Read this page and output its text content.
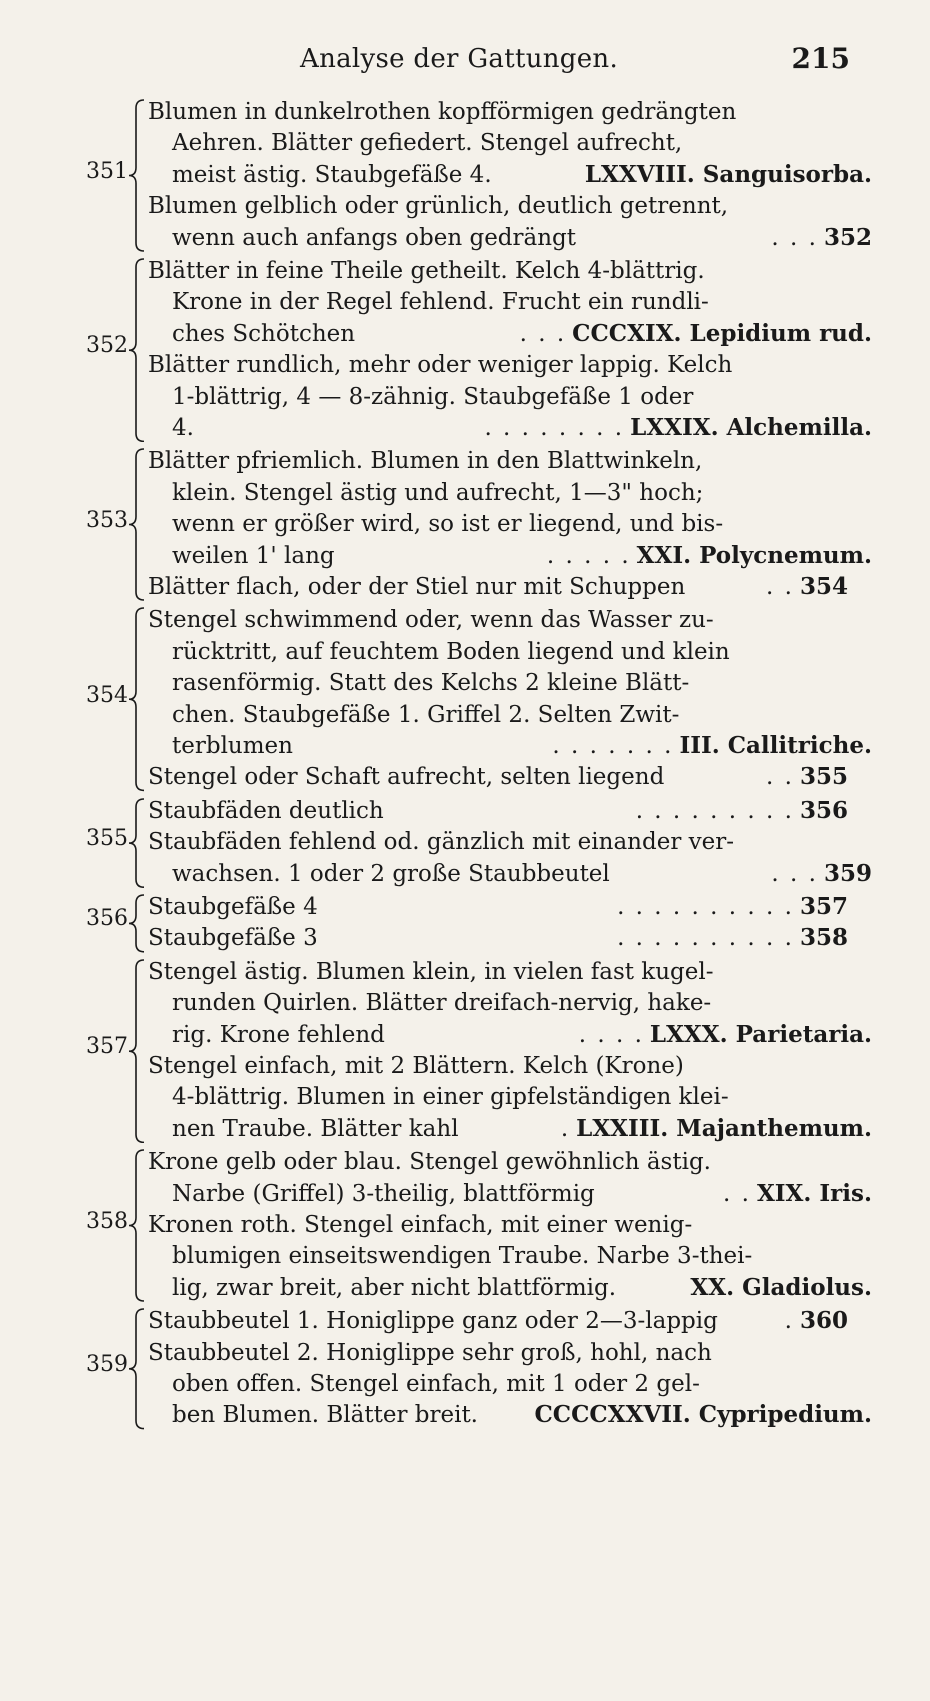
Analyse der Gattungen.	215
351
Blumen in dunkelrothen kopfförmigen gedrängten
Aehren. Blätter gefiedert. Stengel aufrecht,
LXXVIII. Sanguisorba.
meist ästig. Staubgefäße 4.
Blumen gelblich oder grünlich, deutlich getrennt,
. . . 352
wenn auch anfangs oben gedrängt
352
Blätter in feine Theile getheilt. Kelch 4-blättrig.
Krone in der Regel fehlend. Frucht ein rundli-
. . . CCCXIX. Lepidium rud.
ches Schötchen
Blätter rundlich, mehr oder weniger lappig. Kelch
1-blättrig, 4 — 8-zähnig. Staubgefäße 1 oder
. . . . . . . . LXXIX. Alchemilla.
4.
353
Blätter pfriemlich. Blumen in den Blattwinkeln,
klein. Stengel ästig und aufrecht, 1—3" hoch;
wenn er größer wird, so ist er liegend, und bis-
. . . . . XXI. Polycnemum.
weilen 1' lang
. . 354
Blätter flach, oder der Stiel nur mit Schuppen
354
Stengel schwimmend oder, wenn das Wasser zu-
rücktritt, auf feuchtem Boden liegend und klein
rasenförmig. Statt des Kelchs 2 kleine Blätt-
chen. Staubgefäße 1. Griffel 2. Selten Zwit-
. . . . . . . III. Callitriche.
terblumen
. . 355
Stengel oder Schaft aufrecht, selten liegend
355
. . . . . . . . . 356
Staubfäden deutlich
Staubfäden fehlend od. gänzlich mit einander ver-
. . . 359
wachsen. 1 oder 2 große Staubbeutel
356	. . . . . . . . . . 357
Staubgefäße 4
. . . . . . . . . . 358
Staubgefäße 3
357
Stengel ästig. Blumen klein, in vielen fast kugel-
runden Quirlen. Blätter dreifach-nervig, hake-
. . . . LXXX. Parietaria.
rig. Krone fehlend
Stengel einfach, mit 2 Blättern. Kelch (Krone)
4-blättrig. Blumen in einer gipfelständigen klei-
. LXXIII. Majanthemum.
nen Traube. Blätter kahl
358
Krone gelb oder blau. Stengel gewöhnlich ästig.
. . XIX. Iris.
Narbe (Griffel) 3-theilig, blattförmig
Kronen roth. Stengel einfach, mit einer wenig-
blumigen einseitswendigen Traube. Narbe 3-thei-
XX. Gladiolus.
lig, zwar breit, aber nicht blattförmig.
359
. 360
Staubbeutel 1. Honiglippe ganz oder 2—3-lappig
Staubbeutel 2. Honiglippe sehr groß, hohl, nach
oben offen. Stengel einfach, mit 1 oder 2 gel-
CCCCXXVII. Cypripedium.
ben Blumen. Blätter breit.
